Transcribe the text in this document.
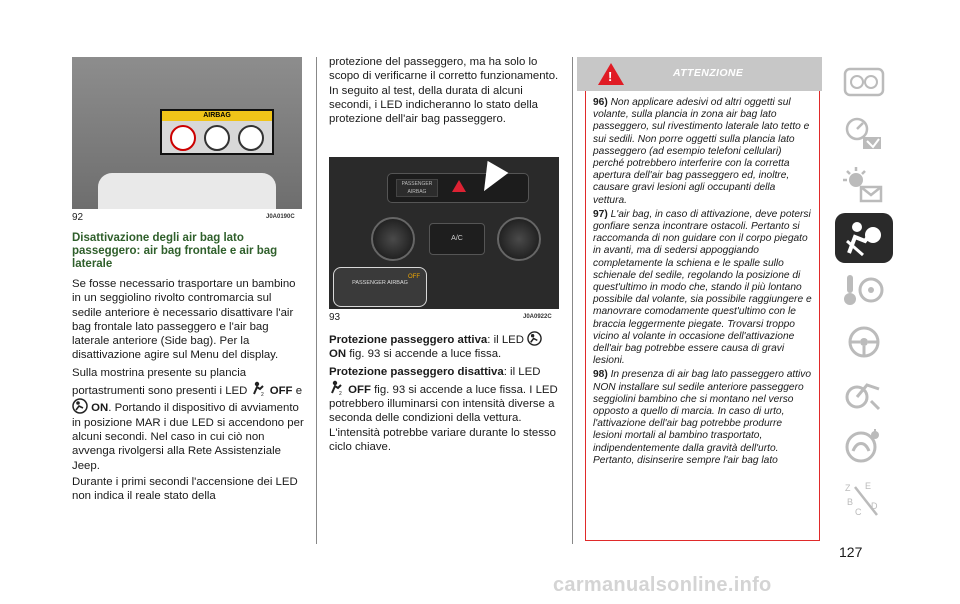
AIRBAG
92	J0A0190C
Disattivazione degli air bag lato passeggero: air bag frontale e air bag laterale
Se fosse necessario trasportare un bambino in un seggiolino rivolto contromarcia sul sedile anteriore è necessario disattivare l'air bag frontale lato passeggero e l'air bag laterale anteriore (Side bag). Per la disattivazione agire sul Menu del display.
Sulla mostrina presente su plancia portastrumenti sono presenti i LED	2 OFF e  ON. Portando il dispositivo di avviamento in posizione MAR i due LED si accendono per alcuni secondi. Nel caso in cui ciò non avvenga rivolgersi alla Rete Assistenziale Jeep.
Durante i primi secondi l'accensione dei LED non indica il reale stato della
protezione del passeggero, ma ha solo lo scopo di verificarne il corretto funzionamento. In seguito al test, della durata di alcuni secondi, i LED indicheranno lo stato della protezione dell'air bag passeggero.
PASSENGER AIRBAG
A/C
PASSENGER AIRBAG
OFF
93	J0A0922C
Protezione passeggero attiva: il LED
ON fig. 93 si accende a luce fissa.
Protezione passeggero disattiva: il LED

2 OFF fig. 93 si accende a luce fissa. I LED potrebbero illuminarsi con intensità diverse a seconda delle condizioni della vettura. L'intensità potrebbe variare durante lo stesso ciclo chiave.
!	ATTENZIONE

96) Non applicare adesivi od altri oggetti sul volante, sulla plancia in zona air bag lato passeggero, sul rivestimento laterale lato tetto e sui sedili. Non porre oggetti sulla plancia lato passeggero (ad esempio telefoni cellulari) perché potrebbero interferire con la corretta apertura dell'air bag passeggero ed, inoltre, causare gravi lesioni agli occupanti della vettura.

97) L'air bag, in caso di attivazione, deve potersi gonfiare senza incontrare ostacoli. Pertanto si raccomanda di non guidare con il corpo piegato in avanti, ma di sedersi appoggiando completamente la schiena e le spalle sullo schienale del sedile, regolando la posizione di quest'ultimo in modo che, stando il più lontano possibile dal volante, sia possibile raggiungere e manovrare comodamente quest'ultimo con le braccia leggermente piegate. Trovarsi troppo vicino al volante in occasione dell'attivazione dell'air bag potrebbe essere causa di gravi lesioni.

98) In presenza di air bag lato passeggero attivo NON installare sul sedile anteriore passeggero seggiolini bambino che si montano nel verso opposto a quello di marcia. In caso di urto, l'attivazione dell'air bag potrebbe produrre lesioni mortali al bambino trasportato, indipendentemente dalla gravità dell'urto. Pertanto, disinserire sempre l'air bag lato

Z E
B
C
D
127
carmanualsonline.info
